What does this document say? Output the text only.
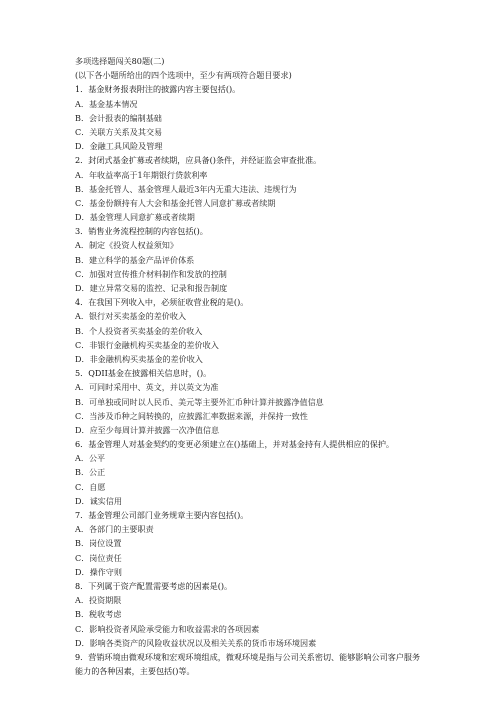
多项选择题闯关80题(二)
(以下各小题所给出的四个选项中，至少有两项符合题目要求)
1．基金财务报表附注的披露内容主要包括()。
A．基金基本情况
B．会计报表的编制基础
C．关联方关系及其交易
D．金融工具风险及管理
2．封闭式基金扩募或者续期，应具备()条件，并经证监会审查批准。
A．年收益率高于1年期银行贷款利率
B．基金托管人、基金管理人最近3年内无重大违法、违规行为
C．基金份额持有人大会和基金托管人同意扩募或者续期
D．基金管理人同意扩募或者续期
3．销售业务流程控制的内容包括()。
A．制定《投资人权益须知》
B．建立科学的基金产品评价体系
C．加强对宣传推介材料制作和发放的控制
D．建立异常交易的监控、记录和报告制度
4．在我国下列收入中，必须征收营业税的是()。
A．银行对买卖基金的差价收入
B．个人投资者买卖基金的差价收入
C．非银行金融机构买卖基金的差价收入
D．非金融机构买卖基金的差价收入
5．QDII基金在披露相关信息时，()。
A．可同时采用中、英文，并以英文为准
B．可单独或同时以人民币、美元等主要外汇币种计算并披露净值信息
C．当涉及币种之间转换的，应披露汇率数据来源，并保持一致性
D．应至少每周计算并披露一次净值信息
6．基金管理人对基金契约的变更必须建立在()基础上，并对基金持有人提供相应的保护。
A．公平
B．公正
C．自愿
D．诚实信用
7．基金管理公司部门业务规章主要内容包括()。
A．各部门的主要职责
B．岗位设置
C．岗位责任
D．操作守则
8．下列属于资产配置需要考虑的因素是()。
A．投资期限
B．税收考虑
C．影响投资者风险承受能力和收益需求的各项因素
D．影响各类资产的风险收益状况以及相关关系的货币市场环境因素
9．营销环境由微观环境和宏观环境组成，微观环境是指与公司关系密切、能够影响公司客户服务能力的各种因素，主要包括()等。
